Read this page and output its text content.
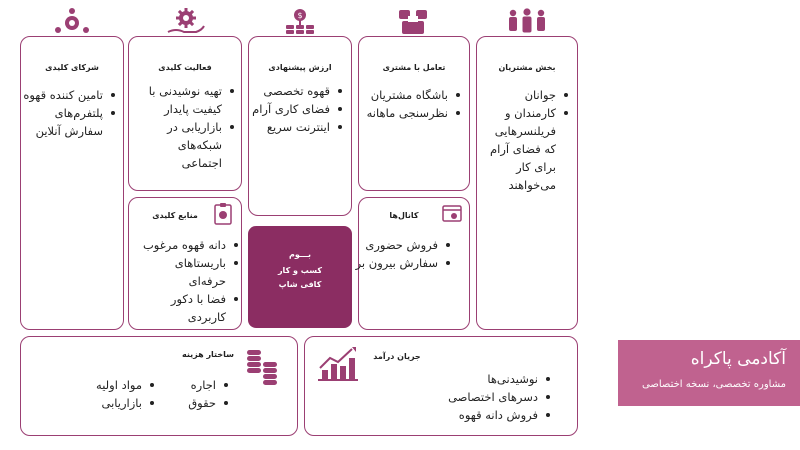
بخش مشتریان
جوانان
کارمندان و فریلنسرهایی که فضای آرام برای کار می‌خواهند
تعامل با مشتری
باشگاه مشتریان
نظرسنجی ماهانه
$
ارزش پیشنهادی
قهوه تخصصی
فضای کاری آرام
اینترنت سریع
فعالیت کلیدی
تهیه نوشیدنی با کیفیت پایدار
بازاریابی در شبکه‌های اجتماعی
شرکای کلیدی
تامین کننده قهوه
پلتفرم‌های سفارش آنلاین
کانال‌ها
فروش حضوری
سفارش بیرون بر
منابع کلیدی
دانه قهوه مرغوب
باریستاهای حرفه‌ای
فضا با دکور کاربردی
بـــوم
کسب و کار
کافی شاپ
ساختار هزینه
اجاره
حقوق
مواد اولیه
بازاریابی
جریان درآمد
نوشیدنی‌ها
دسرهای اختصاصی
فروش دانه قهوه
آکادمی پاکراه
مشاوره تخصصی، نسخه اختصاصی
